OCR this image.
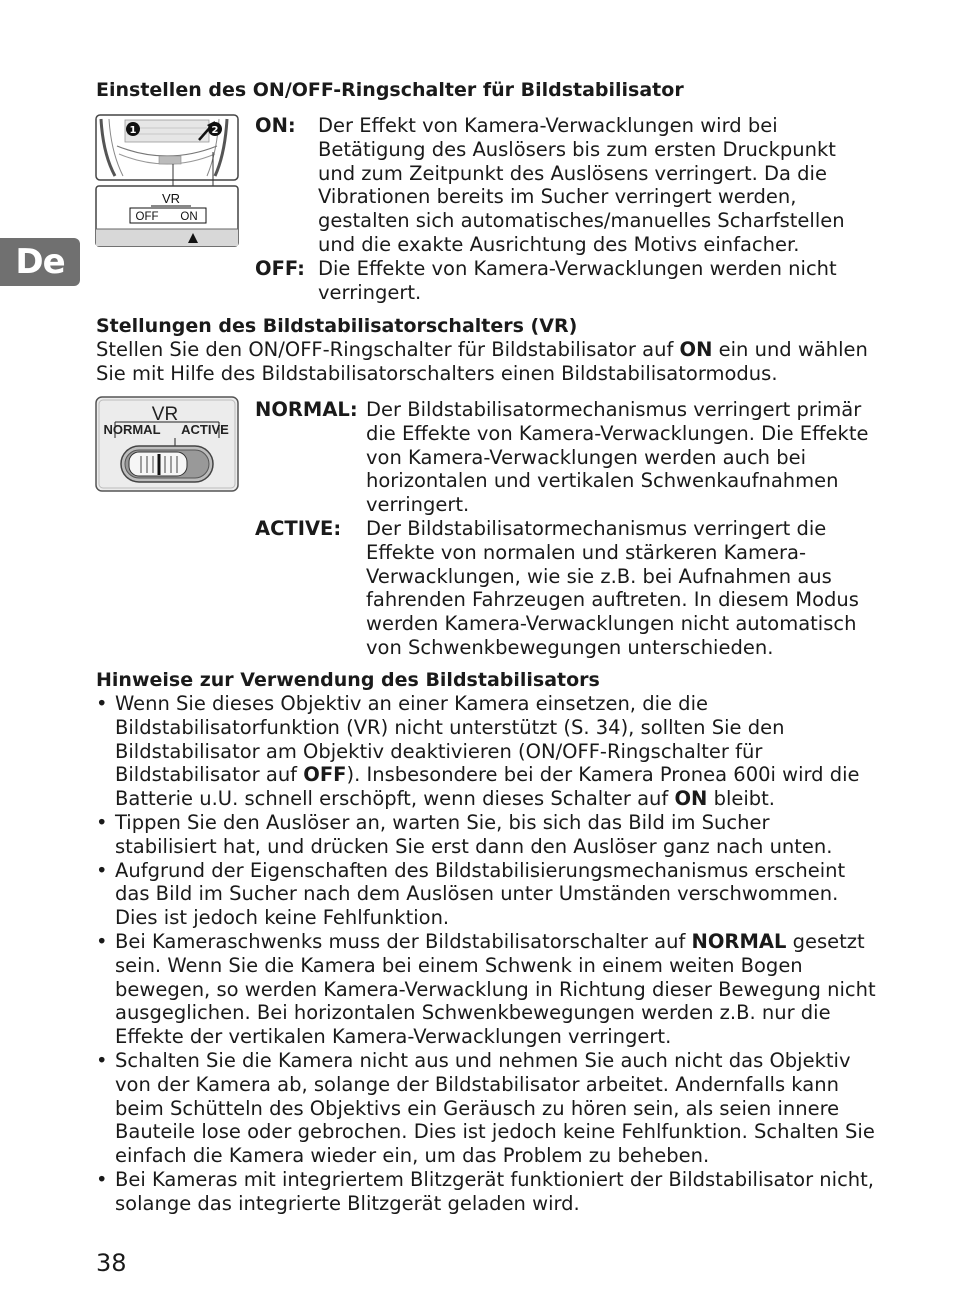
De
Einstellen des ON/OFF-Ringschalter für Bildstabilisator
1	2
VR
OFF ON
ON:	Der Effekt von Kamera-Verwacklungen wird bei Betätigung des Auslösers bis zum ersten Druckpunkt und zum Zeitpunkt des Auslösens verringert. Da die Vibrationen bereits im Sucher verringert werden, gestalten sich automatisches/manuelles Scharfstellen und die exakte Ausrichtung des Motivs einfacher.
OFF: Die Effekte von Kamera-Verwacklungen werden nicht verringert.
Stellungen des Bildstabilisatorschalters (VR)

Stellen Sie den ON/OFF-Ringschalter für Bildstabilisator auf ON ein und wählen Sie mit Hilfe des Bildstabilisatorschalters einen Bildstabilisatormodus.

VR
NORMAL ACTIVE
NORMAL: Der Bildstabilisatormechanismus verringert primär die Effekte von Kamera-Verwacklungen. Die Effekte von Kamera-Verwacklungen werden auch bei horizontalen und vertikalen Schwenkaufnahmen verringert.
ACTIVE:	Der Bildstabilisatormechanismus verringert die Effekte von normalen und stärkeren Kamera-Verwacklungen, wie sie z.B. bei Aufnahmen aus fahrenden Fahrzeugen auftreten. In diesem Modus werden Kamera-Verwacklungen nicht automatisch von Schwenkbewegungen unterschieden.
Hinweise zur Verwendung des Bildstabilisators
• Wenn Sie dieses Objektiv an einer Kamera einsetzen, die die Bildstabilisatorfunktion (VR) nicht unterstützt (S. 34), sollten Sie den Bildstabilisator am Objektiv deaktivieren (ON/OFF-Ringschalter für Bildstabilisator auf OFF). Insbesondere bei der Kamera Pronea 600i wird die Batterie u.U. schnell erschöpft, wenn dieses Schalter auf ON bleibt.
• Tippen Sie den Auslöser an, warten Sie, bis sich das Bild im Sucher stabilisiert hat, und drücken Sie erst dann den Auslöser ganz nach unten.
• Aufgrund der Eigenschaften des Bildstabilisierungsmechanismus erscheint das Bild im Sucher nach dem Auslösen unter Umständen verschwommen. Dies ist jedoch keine Fehlfunktion.
• Bei Kameraschwenks muss der Bildstabilisatorschalter auf NORMAL gesetzt sein. Wenn Sie die Kamera bei einem Schwenk in einem weiten Bogen bewegen, so werden Kamera-Verwacklung in Richtung dieser Bewegung nicht ausgeglichen. Bei horizontalen Schwenkbewegungen werden z.B. nur die Effekte der vertikalen Kamera-Verwacklungen verringert.
• Schalten Sie die Kamera nicht aus und nehmen Sie auch nicht das Objektiv von der Kamera ab, solange der Bildstabilisator arbeitet. Andernfalls kann beim Schütteln des Objektivs ein Geräusch zu hören sein, als seien innere Bauteile lose oder gebrochen. Dies ist jedoch keine Fehlfunktion. Schalten Sie einfach die Kamera wieder ein, um das Problem zu beheben.
• Bei Kameras mit integriertem Blitzgerät funktioniert der Bildstabilisator nicht, solange das integrierte Blitzgerät geladen wird.
38
